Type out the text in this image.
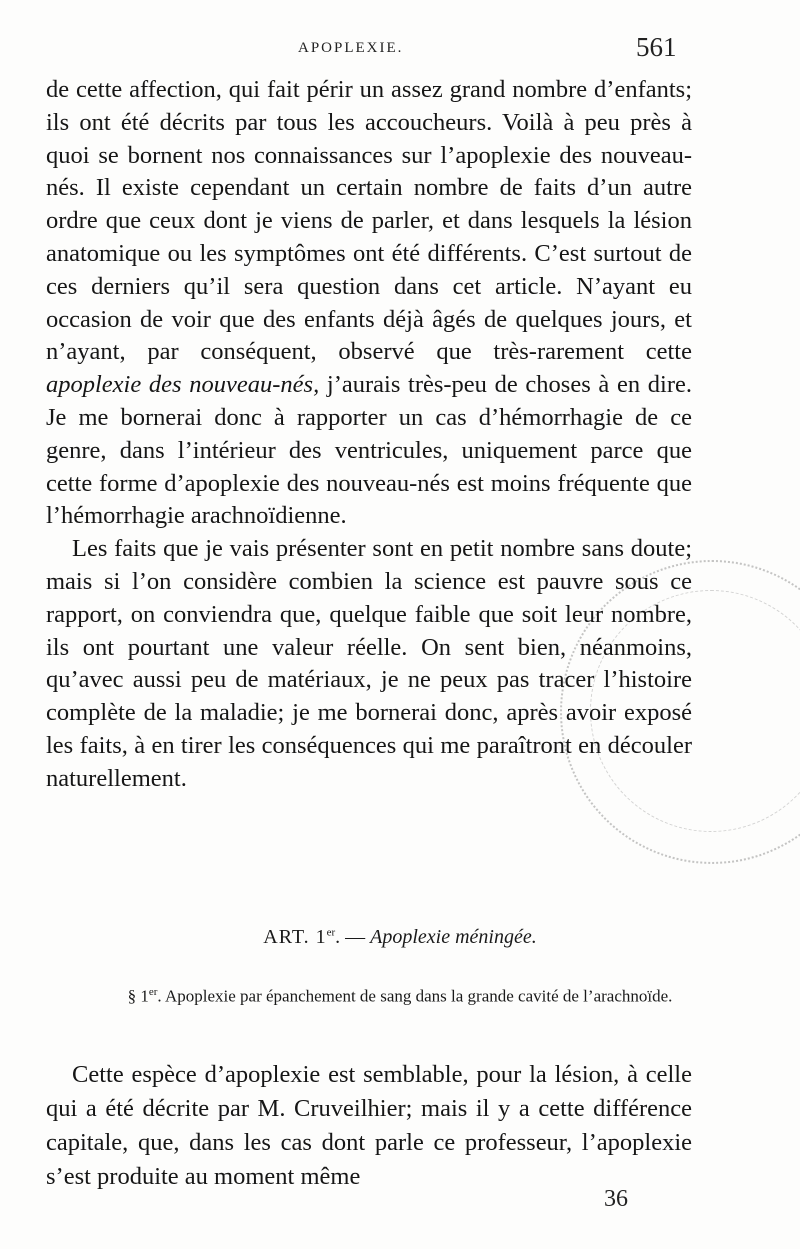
APOPLEXIE.	561

de cette affection, qui fait périr un assez grand nombre d’enfants; ils ont été décrits par tous les accoucheurs. Voilà à peu près à quoi se bornent nos connaissances sur l’apoplexie des nouveau-nés. Il existe cependant un certain nombre de faits d’un autre ordre que ceux dont je viens de parler, et dans lesquels la lésion anatomique ou les symptômes ont été différents. C’est surtout de ces derniers qu’il sera question dans cet article. N’ayant eu occasion de voir que des enfants déjà âgés de quelques jours, et n’ayant, par conséquent, observé que très-rarement cette apoplexie des nouveau-nés, j’aurais très-peu de choses à en dire. Je me bornerai donc à rapporter un cas d’hémorrhagie de ce genre, dans l’intérieur des ventricules, uniquement parce que cette forme d’apoplexie des nouveau-nés est moins fréquente que l’hémorrhagie arachnoïdienne.

Les faits que je vais présenter sont en petit nombre sans doute; mais si l’on considère combien la science est pauvre sous ce rapport, on conviendra que, quelque faible que soit leur nombre, ils ont pourtant une valeur réelle. On sent bien, néanmoins, qu’avec aussi peu de matériaux, je ne peux pas tracer l’histoire complète de la maladie; je me bornerai donc, après avoir exposé les faits, à en tirer les conséquences qui me paraîtront en découler naturellement.

ART. 1er. — Apoplexie méningée.
§ 1er. Apoplexie par épanchement de sang dans la grande cavité de l’arachnoïde.

Cette espèce d’apoplexie est semblable, pour la lésion, à celle qui a été décrite par M. Cruveilhier; mais il y a cette différence capitale, que, dans les cas dont parle ce professeur, l’apoplexie s’est produite au moment même

36
